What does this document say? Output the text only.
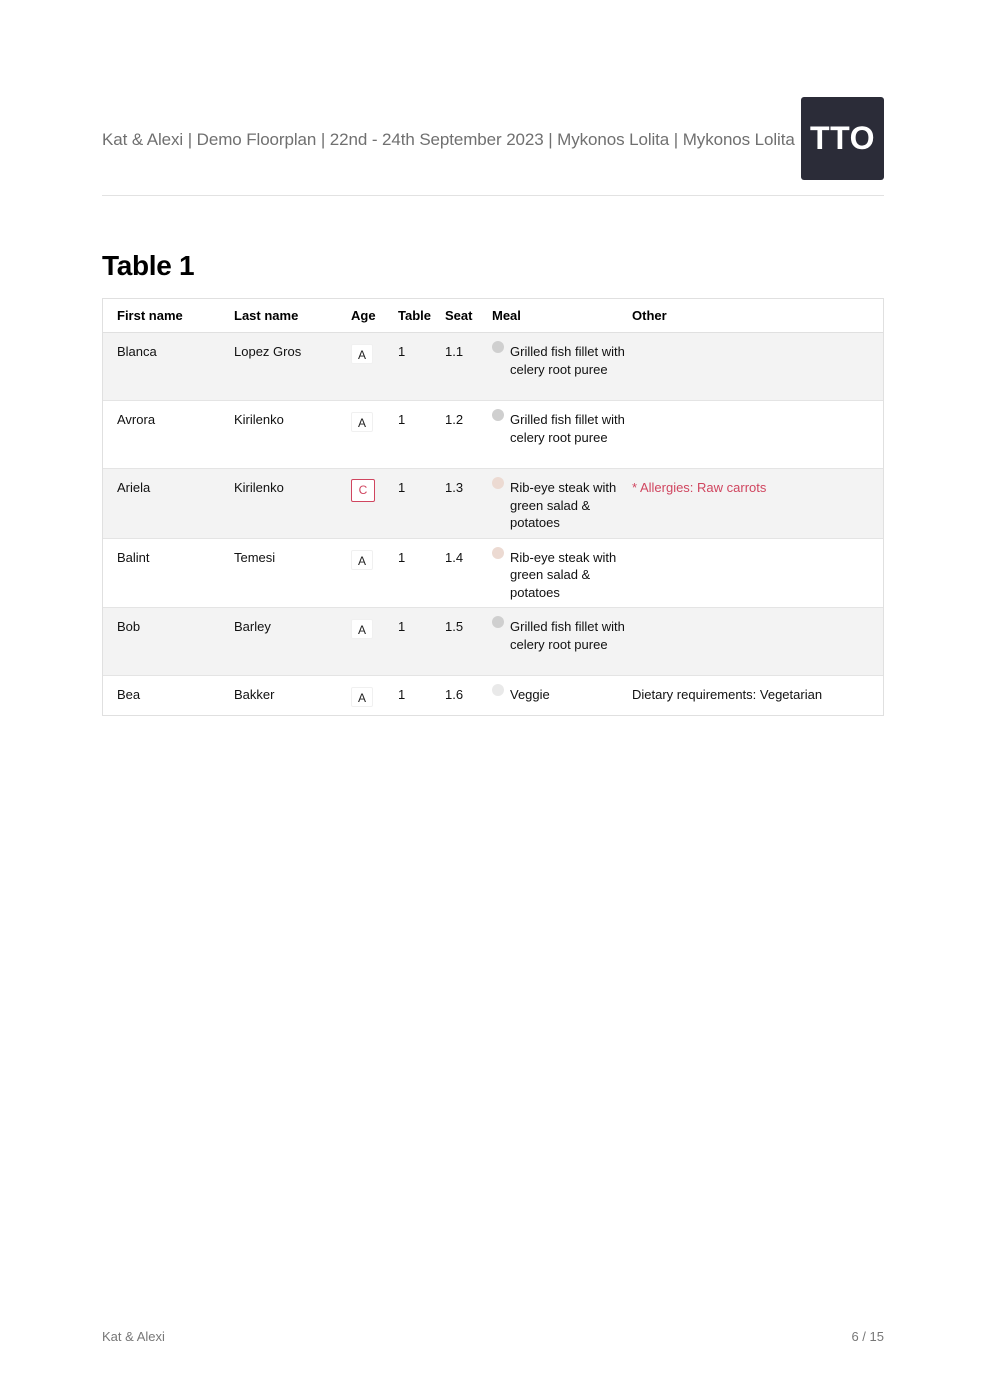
Kat & Alexi | Demo Floorplan | 22nd - 24th September 2023 | Mykonos Lolita | Mykonos Lolita TTO
Table 1
First name	Last name	Age	Table	Seat	Meal	Other
Blanca	Lopez Gros	A	1	1.1	Grilled fish fillet with celery root puree	

Avrora	Kirilenko	A	1	1.2	Grilled fish fillet with celery root puree	

Ariela	Kirilenko	C	1	1.3	Rib-eye steak with green salad & potatoes	* Allergies: Raw carrots
Balint	Temesi	A	1	1.4	Rib-eye steak with green salad & potatoes	

Bob	Barley	A	1	1.5	Grilled fish fillet with celery root puree	

Bea	Bakker	A	1	1.6	Veggie	Dietary requirements: Vegetarian
Kat & Alexi	6 / 15
